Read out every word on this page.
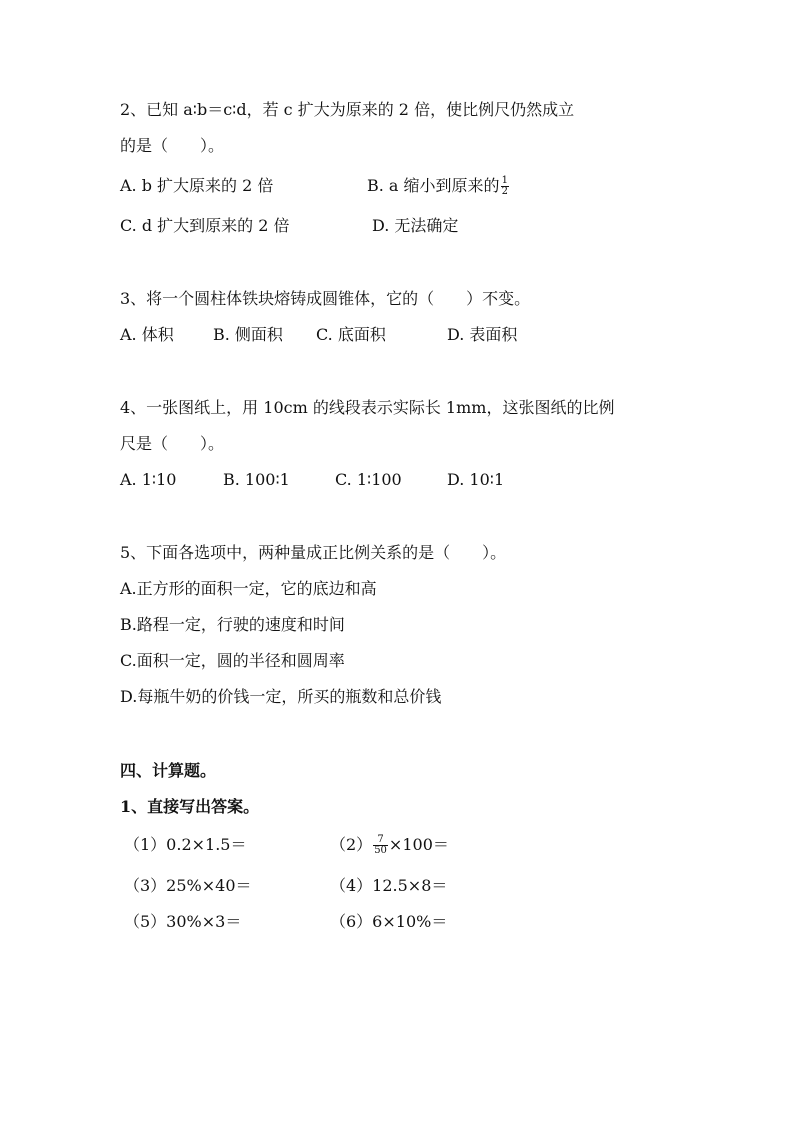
2、已知 a∶b＝c∶d，若 c 扩大为原来的 2 倍，使比例尺仍然成立
的是（　　）。
A. b 扩大原来的 2 倍	B. a 缩小到原来的 $\frac{1}{2}$
C. d 扩大到原来的 2 倍	D. 无法确定
3、将一个圆柱体铁块熔铸成圆锥体，它的（　　）不变。
A. 体积 B. 侧面积 C. 底面积	D. 表面积
4、一张图纸上，用 10cm 的线段表示实际长 1mm，这张图纸的比例
尺是（　　）。
A. 1∶10	B. 100∶1	C. 1∶100	D. 10∶1
5、下面各选项中，两种量成正比例关系的是（　　）。
A.正方形的面积一定，它的底边和高
B.路程一定，行驶的速度和时间
C.面积一定，圆的半径和圆周率
D.每瓶牛奶的价钱一定，所买的瓶数和总价钱
四、计算题。
1、直接写出答案。
（1）0.2×1.5＝	$(2) \frac{7}{50} \times 100=$
（3）25%×40＝	（4）12.5×8＝
（5）30%×3＝	（6）6×10%＝
